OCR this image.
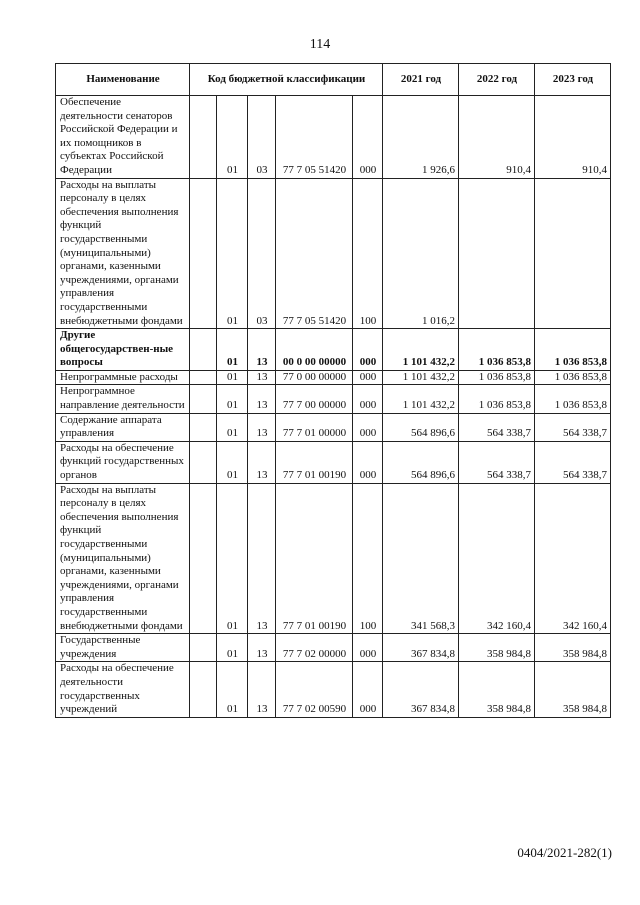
114
Наименование	Код бюджетной классификации					2021 год	2022 год	2023 год
Обеспечение деятельности сенаторов Российской Федерации и их помощников в субъектах Российской Федерации		01	03	77 7 05 51420	000	1 926,6	910,4	910,4
Расходы на выплаты персоналу в целях обеспечения выполнения функций государственными (муниципальными) органами, казенными учреждениями, органами управления государственными внебюджетными фондами		01	03	77 7 05 51420	100	1 016,2		
Другие общегосударствен-ные вопросы		01	13	00 0 00 00000	000	1 101 432,2	1 036 853,8	1 036 853,8
Непрограммные расходы		01	13	77 0 00 00000	000	1 101 432,2	1 036 853,8	1 036 853,8
Непрограммное направление деятельности		01	13	77 7 00 00000	000	1 101 432,2	1 036 853,8	1 036 853,8
Содержание аппарата управления		01	13	77 7 01 00000	000	564 896,6	564 338,7	564 338,7
Расходы на обеспечение функций государственных органов		01	13	77 7 01 00190	000	564 896,6	564 338,7	564 338,7
Расходы на выплаты персоналу в целях обеспечения выполнения функций государственными (муниципальными) органами, казенными учреждениями, органами управления государственными внебюджетными фондами		01	13	77 7 01 00190	100	341 568,3	342 160,4	342 160,4
Государственные учреждения		01	13	77 7 02 00000	000	367 834,8	358 984,8	358 984,8
Расходы на обеспечение деятельности государственных учреждений		01	13	77 7 02 00590	000	367 834,8	358 984,8	358 984,8
0404/2021-282(1)
